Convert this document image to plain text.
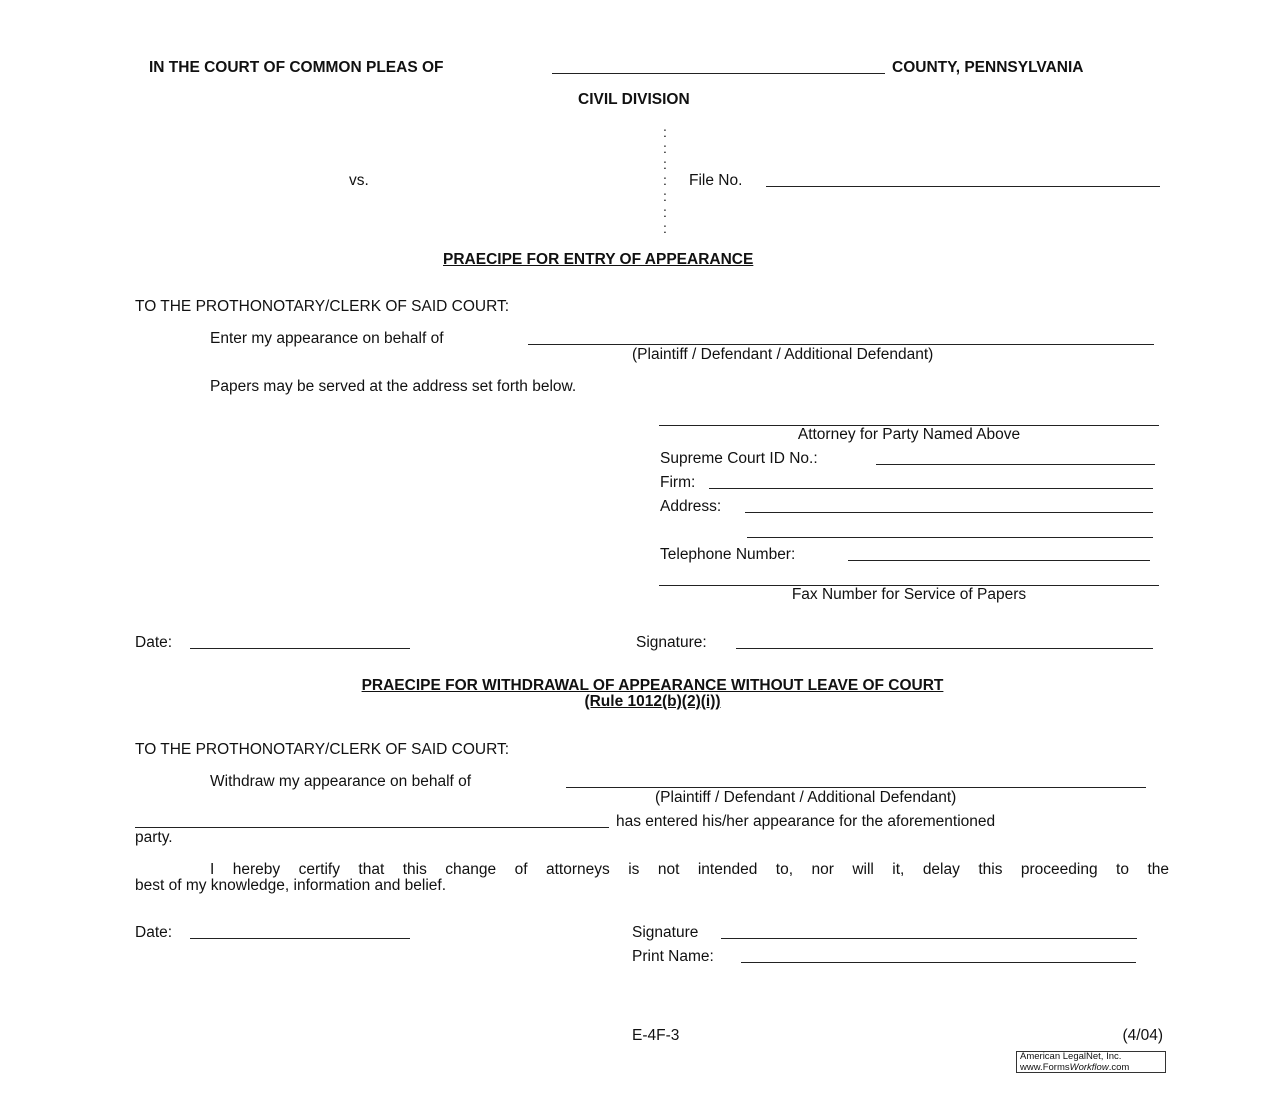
IN THE COURT OF COMMON PLEAS OF	COUNTY, PENNSYLVANIA
CIVIL DIVISION
:
:
:
:
:
:
:
vs.	File No.
PRAECIPE FOR ENTRY OF APPEARANCE
TO THE PROTHONOTARY/CLERK OF SAID COURT:
Enter my appearance on behalf of
(Plaintiff / Defendant / Additional Defendant)
Papers may be served at the address set forth below.
Attorney for Party Named Above
Supreme Court ID No.:
Firm:
Address:
Telephone Number:
Fax Number for Service of Papers
Date:	Signature:
PRAECIPE FOR WITHDRAWAL OF APPEARANCE WITHOUT LEAVE OF COURT
(Rule 1012(b)(2)(i))
TO THE PROTHONOTARY/CLERK OF SAID COURT:
Withdraw my appearance on behalf of
(Plaintiff / Defendant / Additional Defendant)
has entered his/her appearance for the aforementioned
party.
I hereby certify that this change of attorneys is not intended to, nor will it, delay this proceeding to the
best of my knowledge, information and belief.
Date:	Signature
Print Name:
E-4F-3	(4/04)
American LegalNet, Inc.
www.FormsWorkflow.com
